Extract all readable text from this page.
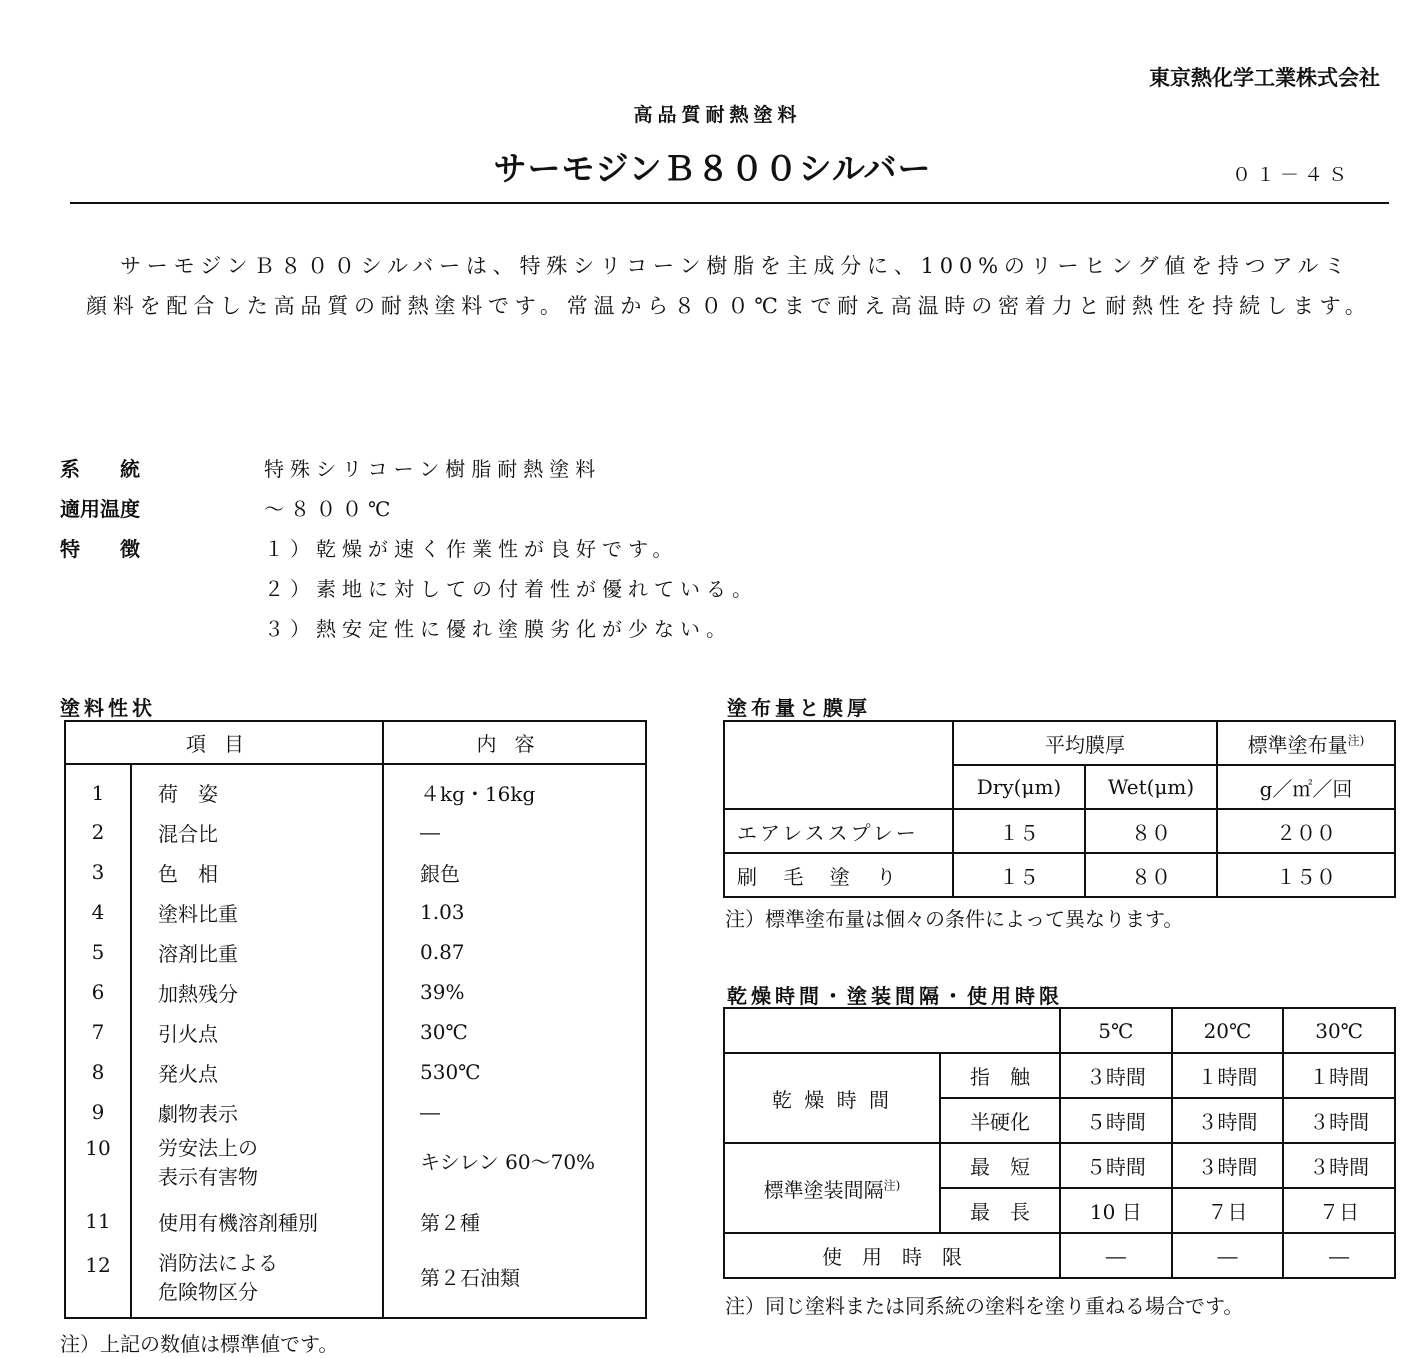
東京熱化学工業株式会社
高品質耐熱塗料
サーモジンＢ８００シルバー	０１－４Ｓ

サーモジンＢ８００シルバーは、特殊シリコーン樹脂を主成分に、100%のリーヒング値を持つアルミ顔料を配合した高品質の耐熱塗料です。常温から８００℃まで耐え高温時の密着力と耐熱性を持続します。

系　　統	特殊シリコーン樹脂耐熱塗料
適用温度	～８００℃
特　　徴	１）乾燥が速く作業性が良好です。
２）素地に対しての付着性が優れている。
３）熱安定性に優れ塗膜劣化が少ない。
塗料性状
項目		内容
1	荷　姿	４kg・16kg
2	混合比	―
3	色　相	銀色
4	塗料比重	1.03
5	溶剤比重	0.87
6	加熱残分	39%
7	引火点	30℃
8	発火点	530℃
9	劇物表示	―
10	労安法上の
表示有害物	キシレン 60～70%
11	使用有機溶剤種別	第２種
12	消防法による
危険物区分	第２石油類
注）上記の数値は標準値です。
塗布量と膜厚
	平均膜厚		標準塗布量$^{注)}$
	Dry(μm)	Wet(μm)	g／㎡／回
エアレススプレー	１５	８０	２００
刷 毛 塗 り	１５	８０	１５０
注）標準塗布量は個々の条件によって異なります。
乾燥時間・塗装間隔・使用時限
		5℃	20℃	30℃
乾 燥 時 間	指　触	３時間	１時間	１時間
	半硬化	５時間	３時間	３時間
標準塗装間隔$^{注)}$	最　短	５時間	３時間	３時間
	最　長	10 日	７日	７日
使　用　時　限		―	―	―
注）同じ塗料または同系統の塗料を塗り重ねる場合です。
